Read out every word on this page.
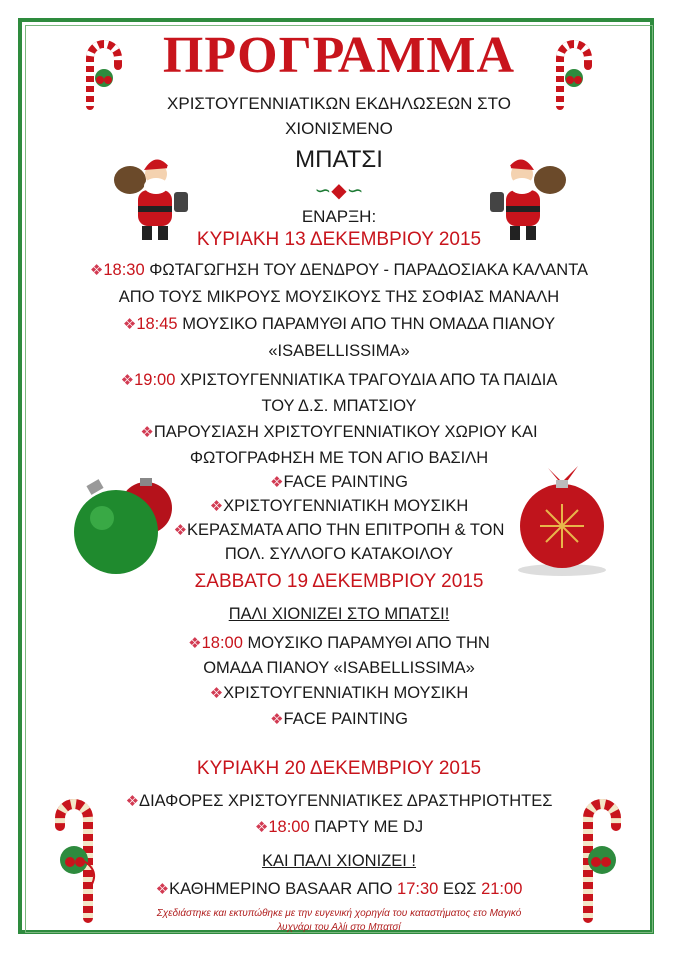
ΠΡΟΓΡΑΜΜΑ
ΧΡΙΣΤΟΥΓΕΝΝΙΑΤΙΚΩΝ ΕΚΔΗΛΩΣΕΩΝ ΣΤΟ
ΧΙΟΝΙΣΜΕΝΟ
ΜΠΑΤΣΙ
∽◆∽
ΕΝΑΡΞΗ:
ΚΥΡΙΑΚΗ 13 ΔΕΚΕΜΒΡΙΟΥ 2015
❖18:30 ΦΩΤΑΓΩΓΗΣΗ ΤΟΥ ΔΕΝΔΡΟΥ - ΠΑΡΑΔΟΣΙΑΚΑ ΚΑΛΑΝΤΑ
ΑΠΟ ΤΟΥΣ ΜΙΚΡΟΥΣ ΜΟΥΣΙΚΟΥΣ ΤΗΣ ΣΟΦΙΑΣ ΜΑΝΑΛΗ
❖18:45 ΜΟΥΣΙΚΟ ΠΑΡΑΜΥΘΙ ΑΠΟ ΤΗΝ ΟΜΑΔΑ ΠΙΑΝΟΥ
«ISABELLISSIMA»
❖19:00 ΧΡΙΣΤΟΥΓΕΝΝΙΑΤΙΚΑ ΤΡΑΓΟΥΔΙΑ ΑΠΟ ΤΑ ΠΑΙΔΙΑ
ΤΟΥ Δ.Σ. ΜΠΑΤΣΙΟΥ
❖ΠΑΡΟΥΣΙΑΣΗ ΧΡΙΣΤΟΥΓΕΝΝΙΑΤΙΚΟΥ ΧΩΡΙΟΥ ΚΑΙ
ΦΩΤΟΓΡΑΦΗΣΗ ΜΕ ΤΟΝ ΑΓΙΟ ΒΑΣΙΛΗ
❖FACE PAINTING
❖ΧΡΙΣΤΟΥΓΕΝΝΙΑΤΙΚΗ ΜΟΥΣΙΚΗ
❖ΚΕΡΑΣΜΑΤΑ ΑΠΟ ΤΗΝ ΕΠΙΤΡΟΠΗ & ΤΟΝ
ΠΟΛ. ΣΥΛΛΟΓΟ ΚΑΤΑΚΟΙΛΟΥ
ΣΑΒΒΑΤΟ 19 ΔΕΚΕΜΒΡΙΟΥ 2015
ΠΑΛΙ ΧΙΟΝΙΖΕΙ ΣΤΟ ΜΠΑΤΣΙ!
❖18:00 ΜΟΥΣΙΚΟ ΠΑΡΑΜΥΘΙ ΑΠΟ ΤΗΝ
ΟΜΑΔΑ ΠΙΑΝΟΥ «ISABELLISSIMA»
❖ΧΡΙΣΤΟΥΓΕΝΝΙΑΤΙΚΗ ΜΟΥΣΙΚΗ
❖FACE PAINTING
ΚΥΡΙΑΚΗ 20 ΔΕΚΕΜΒΡΙΟΥ 2015
❖ΔΙΑΦΟΡΕΣ ΧΡΙΣΤΟΥΓΕΝΝΙΑΤΙΚΕΣ ΔΡΑΣΤΗΡΙΟΤΗΤΕΣ
❖18:00 ΠΑΡΤΥ ΜΕ DJ
ΚΑΙ ΠΑΛΙ ΧΙΟΝΙΖΕΙ !
❖ΚΑΘΗΜΕΡΙΝΟ BASAAR ΑΠΟ 17:30 ΕΩΣ 21:00
Σχεδιάστηκε και εκτυπώθηκε με την ευγενική χορηγία του καταστήματος ετο Μαγικό
λυχνάρι του Αλίι στο Μπατσί
